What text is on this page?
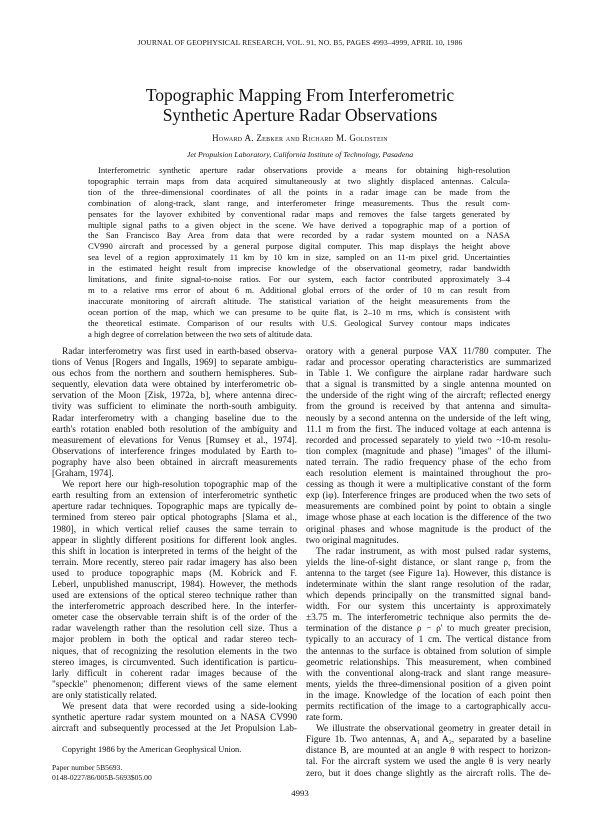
JOURNAL OF GEOPHYSICAL RESEARCH, VOL. 91, NO. B5, PAGES 4993–4999, APRIL 10, 1986
Topographic Mapping From Interferometric
Synthetic Aperture Radar Observations
Howard A. Zebker and Richard M. Goldstein
Jet Propulsion Laboratory, California Institute of Technology, Pasadena
Interferometric synthetic aperture radar observations provide a means for obtaining high-resolution
topographic terrain maps from data acquired simultaneously at two slightly displaced antennas. Calcula-
tion of the three-dimensional coordinates of all the points in a radar image can be made from the
combination of along-track, slant range, and interferometer fringe measurements. Thus the result com-
pensates for the layover exhibited by conventional radar maps and removes the false targets generated by
multiple signal paths to a given object in the scene. We have derived a topographic map of a portion of
the San Francisco Bay Area from data that were recorded by a radar system mounted on a NASA
CV990 aircraft and processed by a general purpose digital computer. This map displays the height above
sea level of a region approximately 11 km by 10 km in size, sampled on an 11-m pixel grid. Uncertainties
in the estimated height result from imprecise knowledge of the observational geometry, radar bandwidth
limitations, and finite signal-to-noise ratios. For our system, each factor contributed approximately 3–4
m to a relative rms error of about 6 m. Additional global errors of the order of 10 m can result from
inaccurate monitoring of aircraft altitude. The statistical variation of the height measurements from the
ocean portion of the map, which we can presume to be quite flat, is 2–10 m rms, which is consistent with
the theoretical estimate. Comparison of our results with U.S. Geological Survey contour maps indicates
a high degree of correlation between the two sets of altitude data.
Radar interferometry was first used in earth-based observa-
tions of Venus [Rogers and Ingalls, 1969] to separate ambigu-
ous echos from the northern and southern hemispheres. Sub-
sequently, elevation data were obtained by interferometric ob-
servation of the Moon [Zisk, 1972a, b], where antenna direc-
tivity was sufficient to eliminate the north-south ambiguity.
Radar interferometry with a changing baseline due to the
earth's rotation enabled both resolution of the ambiguity and
measurement of elevations for Venus [Rumsey et al., 1974].
Observations of interference fringes modulated by Earth to-
pography have also been obtained in aircraft measurements
[Graham, 1974].
We report here our high-resolution topographic map of the
earth resulting from an extension of interferometric synthetic
aperture radar techniques. Topographic maps are typically de-
termined from stereo pair optical photographs [Slama et al.,
1980], in which vertical relief causes the same terrain to
appear in slightly different positions for different look angles.
this shift in location is interpreted in terms of the height of the
terrain. More recently, stereo pair radar imagery has also been
used to produce topographic maps (M. Kobrick and F.
Leberl, unpublished manuscript, 1984). However, the methods
used are extensions of the optical stereo technique rather than
the interferometric approach described here. In the interfer-
ometer case the observable terrain shift is of the order of the
radar wavelength rather than the resolution cell size. Thus a
major problem in both the optical and radar stereo tech-
niques, that of recognizing the resolution elements in the two
stereo images, is circumvented. Such identification is particu-
larly difficult in coherent radar images because of the
"speckle" phenomenon; different views of the same element
are only statistically related.
We present data that were recorded using a side-looking
synthetic aperture radar system mounted on a NASA CV990
aircraft and subsequently processed at the Jet Propulsion Lab-
oratory with a general purpose VAX 11/780 computer. The
radar and processor operating characteristics are summarized
in Table 1. We configure the airplane radar hardware such
that a signal is transmitted by a single antenna mounted on
the underside of the right wing of the aircraft; reflected energy
from the ground is received by that antenna and simulta-
neously by a second antenna on the underside of the left wing,
11.1 m from the first. The induced voltage at each antenna is
recorded and processed separately to yield two ~10-m resolu-
tion complex (magnitude and phase) "images" of the illumi-
nated terrain. The radio frequency phase of the echo from
each resolution element is maintained throughout the pro-
cessing as though it were a multiplicative constant of the form
exp (iφ). Interference fringes are produced when the two sets of
measurements are combined point by point to obtain a single
image whose phase at each location is the difference of the two
original phases and whose magnitude is the product of the
two original magnitudes.
The radar instrument, as with most pulsed radar systems,
yields the line-of-sight distance, or slant range ρ, from the
antenna to the target (see Figure 1a). However, this distance is
indeterminate within the slant range resolution of the radar,
which depends principally on the transmitted signal band-
width. For our system this uncertainty is approximately
±3.75 m. The interferometric technique also permits the de-
termination of the distance ρ − ρ' to much greater precision,
typically to an accuracy of 1 cm. The vertical distance from
the antennas to the surface is obtained from solution of simple
geometric relationships. This measurement, when combined
with the conventional along-track and slant range measure-
ments, yields the three-dimensional position of a given point
in the image. Knowledge of the location of each point then
permits rectification of the image to a cartographically accu-
rate form.
We illustrate the observational geometry in greater detail in
Figure 1b. Two antennas, A₁ and A₂, separated by a baseline
distance B, are mounted at an angle θ with respect to horizon-
tal. For the aircraft system we used the angle θ is very nearly
zero, but it does change slightly as the aircraft rolls. The de-
Copyright 1986 by the American Geophysical Union.
Paper number 5B5693.
0148-0227/86/005B-5693$05.00
4993
